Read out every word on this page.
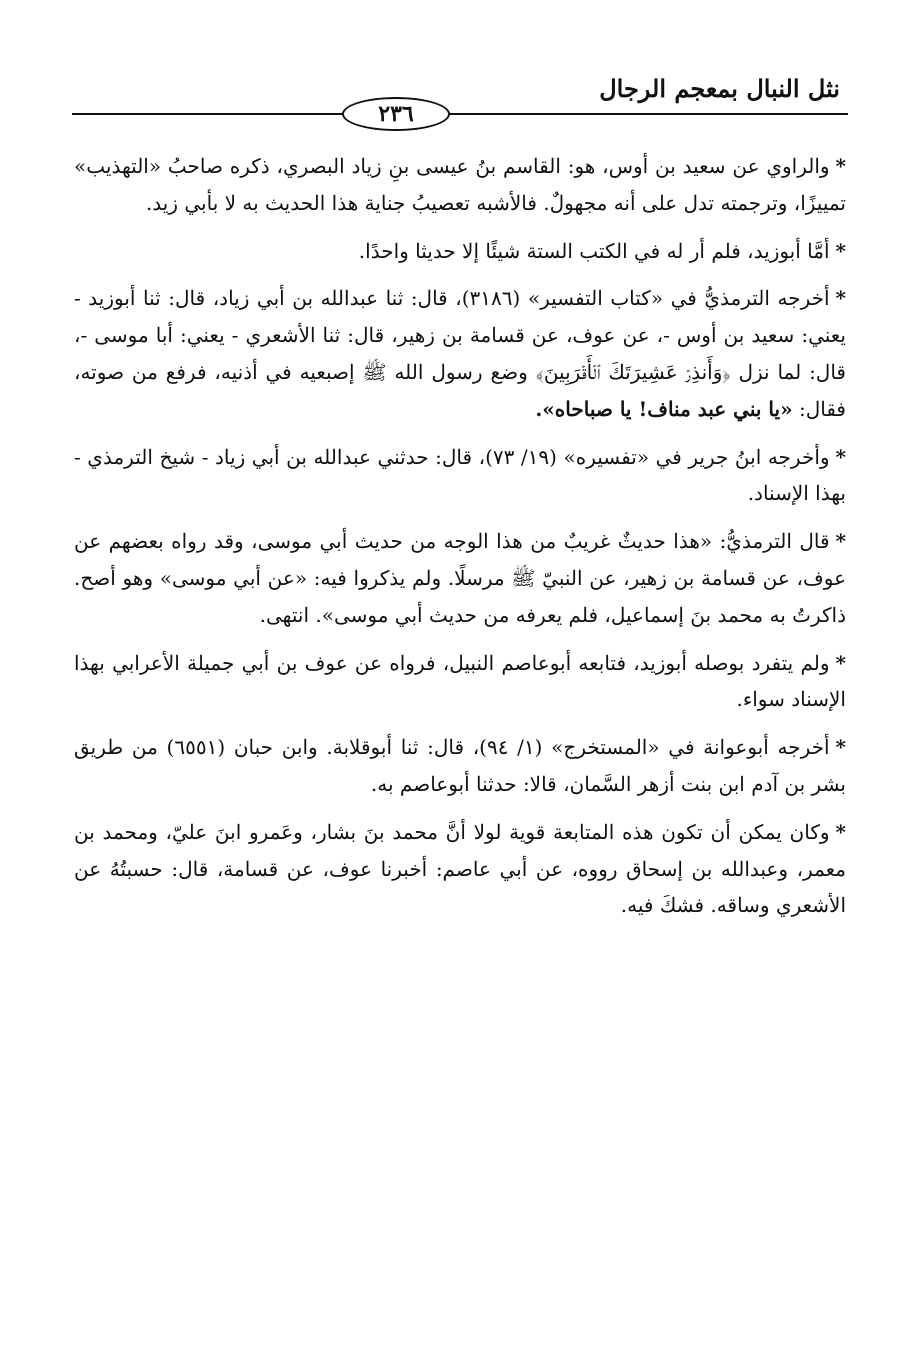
نثل النبال بمعجم الرجال
٢٣٦

*والراوي عن سعيد بن أوس، هو: القاسم بنُ عيسى بنِ زياد البصري، ذكره صاحبُ «التهذيب» تمييزًا، وترجمته تدل على أنه مجهولٌ. فالأشبه تعصيبُ جناية هذا الحديث به لا بأبي زيد.

*أمَّا أبوزيد، فلم أر له في الكتب الستة شيئًا إلا حديثا واحدًا.

*أخرجه الترمذيُّ في «كتاب التفسير» (٣١٨٦)، قال: ثنا عبدالله بن أبي زياد، قال: ثنا أبوزيد - يعني: سعيد بن أوس -، عن عوف، عن قسامة بن زهير، قال: ثنا الأشعري - يعني: أبا موسى -، قال: لما نزل ﴿وَأَنذِرۡ عَشِيرَتَكَ ٱلۡأَقۡرَبِينَ﴾ وضع رسول الله ﷺ إصبعيه في أذنيه، فرفع من صوته، فقال: «يا بني عبد مناف! يا صباحاه».

*وأخرجه ابنُ جرير في «تفسيره» (١٩/ ٧٣)، قال: حدثني عبدالله بن أبي زياد - شيخ الترمذي - بهذا الإسناد.

*قال الترمذيُّ: «هذا حديثٌ غريبٌ من هذا الوجه من حديث أبي موسى، وقد رواه بعضهم عن عوف، عن قسامة بن زهير، عن النبيّ ﷺ مرسلًا. ولم يذكروا فيه: «عن أبي موسى» وهو أصح. ذاكرتُ به محمد بنَ إسماعيل، فلم يعرفه من حديث أبي موسى». انتهى.

*ولم يتفرد بوصله أبوزيد، فتابعه أبوعاصم النبيل، فرواه عن عوف بن أبي جميلة الأعرابي بهذا الإسناد سواء.

*أخرجه أبوعوانة في «المستخرج» (١/ ٩٤)، قال: ثنا أبوقلابة. وابن حبان (٦٥٥١) من طريق بشر بن آدم ابن بنت أزهر السَّمان، قالا: حدثنا أبوعاصم به.

*وكان يمكن أن تكون هذه المتابعة قوية لولا أنَّ محمد بنَ بشار، وعَمرو ابنَ عليّ، ومحمد بن معمر، وعبدالله بن إسحاق رووه، عن أبي عاصم: أخبرنا عوف، عن قسامة، قال: حسبتُهُ عن الأشعري وساقه. فشكَ فيه.
